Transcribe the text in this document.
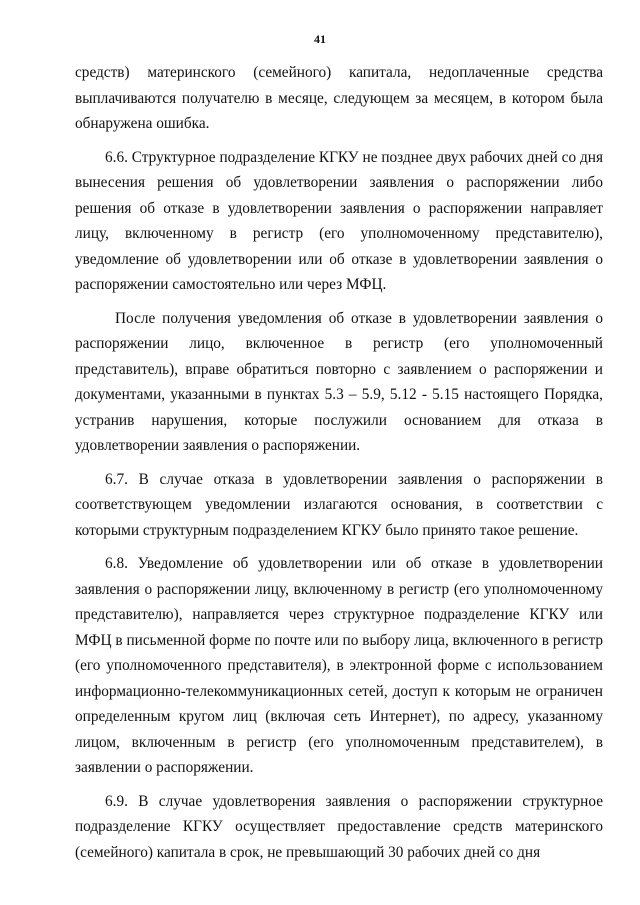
41

средств) материнского (семейного) капитала, недоплаченные средства выплачиваются получателю в месяце, следующем за месяцем, в котором была обнаружена ошибка.

6.6. Структурное подразделение КГКУ не позднее двух рабочих дней со дня вынесения решения об удовлетворении заявления о распоряжении либо решения об отказе в удовлетворении заявления о распоряжении направляет лицу, включенному в регистр (его уполномоченному представителю), уведомление об удовлетворении или об отказе в удовлетворении заявления о распоряжении самостоятельно или через МФЦ.

После получения уведомления об отказе в удовлетворении заявления о распоряжении лицо, включенное в регистр (его уполномоченный представитель), вправе обратиться повторно с заявлением о распоряжении и документами, указанными в пунктах 5.3 – 5.9, 5.12 - 5.15 настоящего Порядка, устранив нарушения, которые послужили основанием для отказа в удовлетворении заявления о распоряжении.

6.7. В случае отказа в удовлетворении заявления о распоряжении в соответствующем уведомлении излагаются основания, в соответствии с которыми структурным подразделением КГКУ было принято такое решение.

6.8. Уведомление об удовлетворении или об отказе в удовлетворении заявления о распоряжении лицу, включенному в регистр (его уполномоченному представителю), направляется через структурное подразделение КГКУ или МФЦ в письменной форме по почте или по выбору лица, включенного в регистр (его уполномоченного представителя), в электронной форме с использованием информационно-телекоммуникационных сетей, доступ к которым не ограничен определенным кругом лиц (включая сеть Интернет), по адресу, указанному лицом, включенным в регистр (его уполномоченным представителем), в заявлении о распоряжении.

6.9. В случае удовлетворения заявления о распоряжении структурное подразделение КГКУ осуществляет предоставление средств материнского (семейного) капитала в срок, не превышающий 30 рабочих дней со дня
